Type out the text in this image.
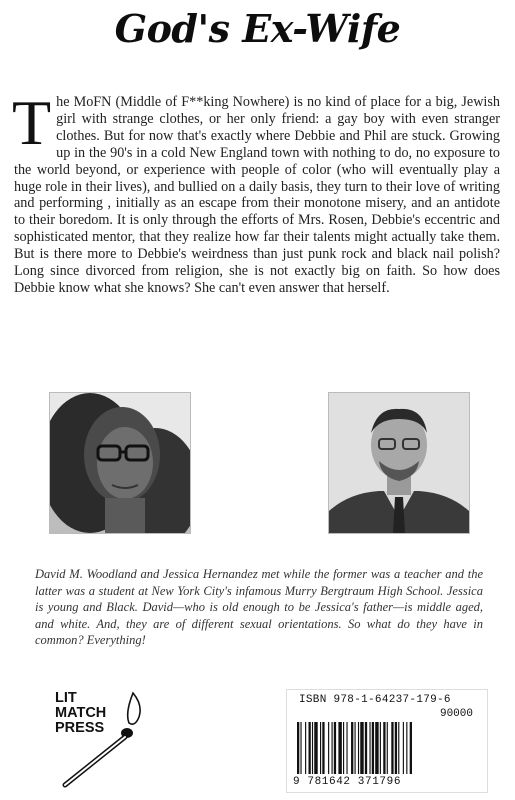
God's Ex-Wife
T he MoFN (Middle of F**king Nowhere) is no kind of place for a big, Jewish girl with strange clothes, or her only friend: a gay boy with even stranger clothes. But for now that's exactly where Debbie and Phil are stuck. Growing up in the 90's in a cold New England town with nothing to do, no exposure to the world beyond, or experience with people of color (who will eventually play a huge role in their lives), and bullied on a daily basis, they turn to their love of writing and performing , initially as an escape from their monotone misery, and an antidote to their boredom. It is only through the efforts of Mrs. Rosen, Debbie's eccentric and sophisticated mentor, that they realize how far their talents might actually take them. But is there more to Debbie's weirdness than just punk rock and black nail polish? Long since divorced from religion, she is not exactly big on faith. So how does Debbie know what she knows? She can't even answer that herself.
David M. Woodland and Jessica Hernandez met while the former was a teacher and the latter was a student at New York City's infamous Murry Bergtraum High School. Jessica is young and Black. David—who is old enough to be Jessica's father—is middle aged, and white. And, they are of different sexual orientations. So what do they have in common? Everything!
LIT
MATCH
PRESS
ISBN 978-1-64237-179-6
90000
9 781642 371796
